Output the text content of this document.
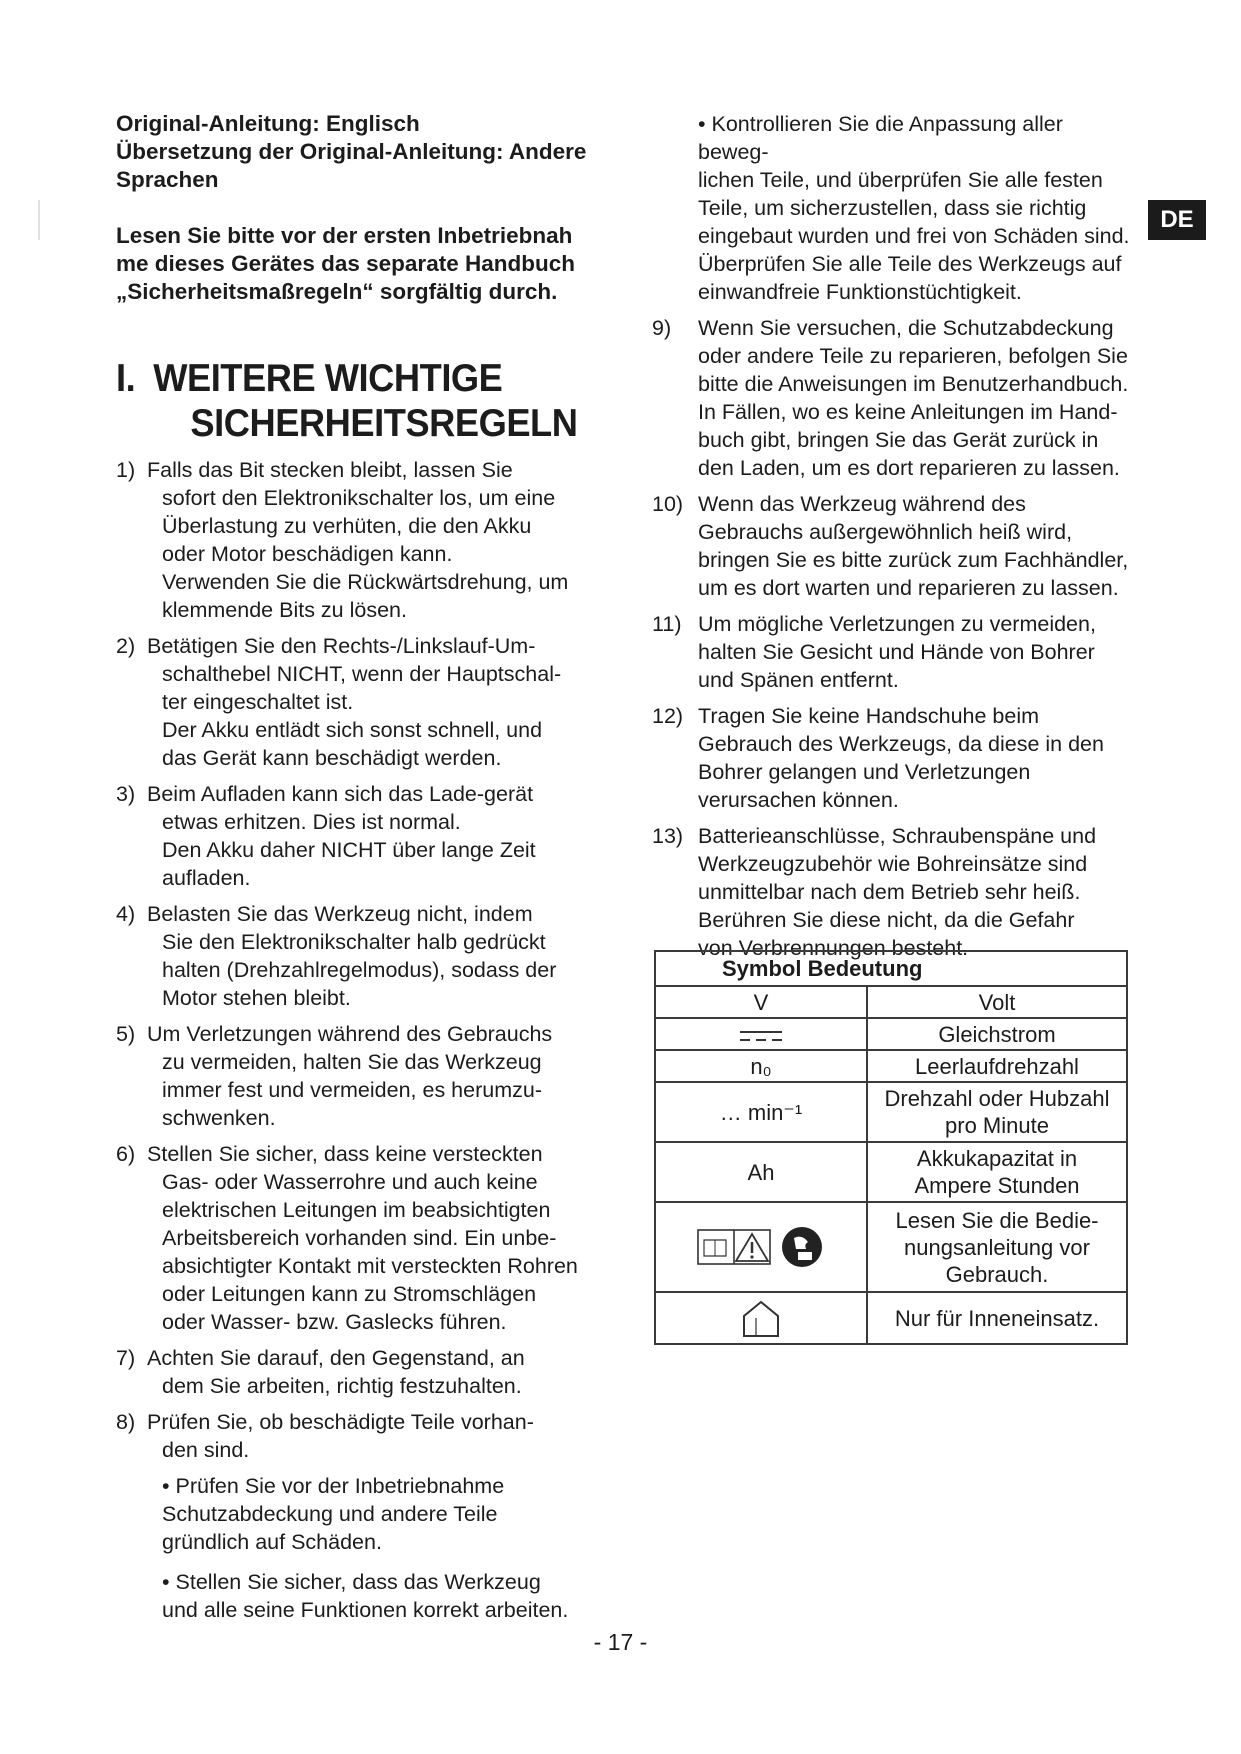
Original-Anleitung: Englisch

Übersetzung der Original-Anleitung: Andere

Sprachen

Lesen Sie bitte vor der ersten Inbetriebnah

me dieses Gerätes das separate Handbuch

„Sicherheitsmaßregeln“ sorgfältig durch.

I. WEITERE WICHTIGE
SICHERHEITSREGELN
1) Falls das Bit stecken bleibt, lassen Sie
sofort den Elektronikschalter los, um eine
Überlastung zu verhüten, die den Akku
oder Motor beschädigen kann.
Verwenden Sie die Rückwärtsdrehung, um
klemmende Bits zu lösen.
2) Betätigen Sie den Rechts-/Linkslauf-Um-
schalthebel NICHT, wenn der Hauptschal-
ter eingeschaltet ist.
Der Akku entlädt sich sonst schnell, und
das Gerät kann beschädigt werden.
3) Beim Aufladen kann sich das Lade-gerät
etwas erhitzen. Dies ist normal.
Den Akku daher NICHT über lange Zeit
aufladen.
4) Belasten Sie das Werkzeug nicht, indem
Sie den Elektronikschalter halb gedrückt
halten (Drehzahlregelmodus), sodass der
Motor stehen bleibt.
5) Um Verletzungen während des Gebrauchs
zu vermeiden, halten Sie das Werkzeug
immer fest und vermeiden, es herumzu-
schwenken.
6) Stellen Sie sicher, dass keine versteckten
Gas- oder Wasserrohre und auch keine
elektrischen Leitungen im beabsichtigten
Arbeitsbereich vorhanden sind. Ein unbe-
absichtigter Kontakt mit versteckten Rohren
oder Leitungen kann zu Stromschlägen
oder Wasser- bzw. Gaslecks führen.
7) Achten Sie darauf, den Gegenstand, an
dem Sie arbeiten, richtig festzuhalten.
8) Prüfen Sie, ob beschädigte Teile vorhan-
den sind.
• Prüfen Sie vor der Inbetriebnahme
Schutzabdeckung und andere Teile
gründlich auf Schäden.
• Stellen Sie sicher, dass das Werkzeug
und alle seine Funktionen korrekt arbeiten.
• Kontrollieren Sie die Anpassung aller beweg-
lichen Teile, und überprüfen Sie alle festen
Teile, um sicherzustellen, dass sie richtig
eingebaut wurden und frei von Schäden sind.
Überprüfen Sie alle Teile des Werkzeugs auf
einwandfreie Funktionstüchtigkeit.
9) Wenn Sie versuchen, die Schutzabdeckung
oder andere Teile zu reparieren, befolgen Sie
bitte die Anweisungen im Benutzerhandbuch.
In Fällen, wo es keine Anleitungen im Hand-
buch gibt, bringen Sie das Gerät zurück in
den Laden, um es dort reparieren zu lassen.
10) Wenn das Werkzeug während des
Gebrauchs außergewöhnlich heiß wird,
bringen Sie es bitte zurück zum Fachhändler,
um es dort warten und reparieren zu lassen.
11) Um mögliche Verletzungen zu vermeiden,
halten Sie Gesicht und Hände von Bohrer
und Spänen entfernt.
12) Tragen Sie keine Handschuhe beim
Gebrauch des Werkzeugs, da diese in den
Bohrer gelangen und Verletzungen
verursachen können.
13) Batterieanschlüsse, Schraubenspäne und
Werkzeugzubehör wie Bohreinsätze sind
unmittelbar nach dem Betrieb sehr heiß.
Berühren Sie diese nicht, da die Gefahr
von Verbrennungen besteht.
Symbol Bedeutung	
V	Volt
	Gleichstrom
n₀	Leerlaufdrehzahl
… min⁻¹	Drehzahl oder Hubzahl
pro Minute

Ah	Akkukapazitat in
Ampere Stunden

Lesen Sie die Bedie-
nungsanleitung vor
Gebrauch.

	Nur für Inneneinsatz.
DE
- 17 -
